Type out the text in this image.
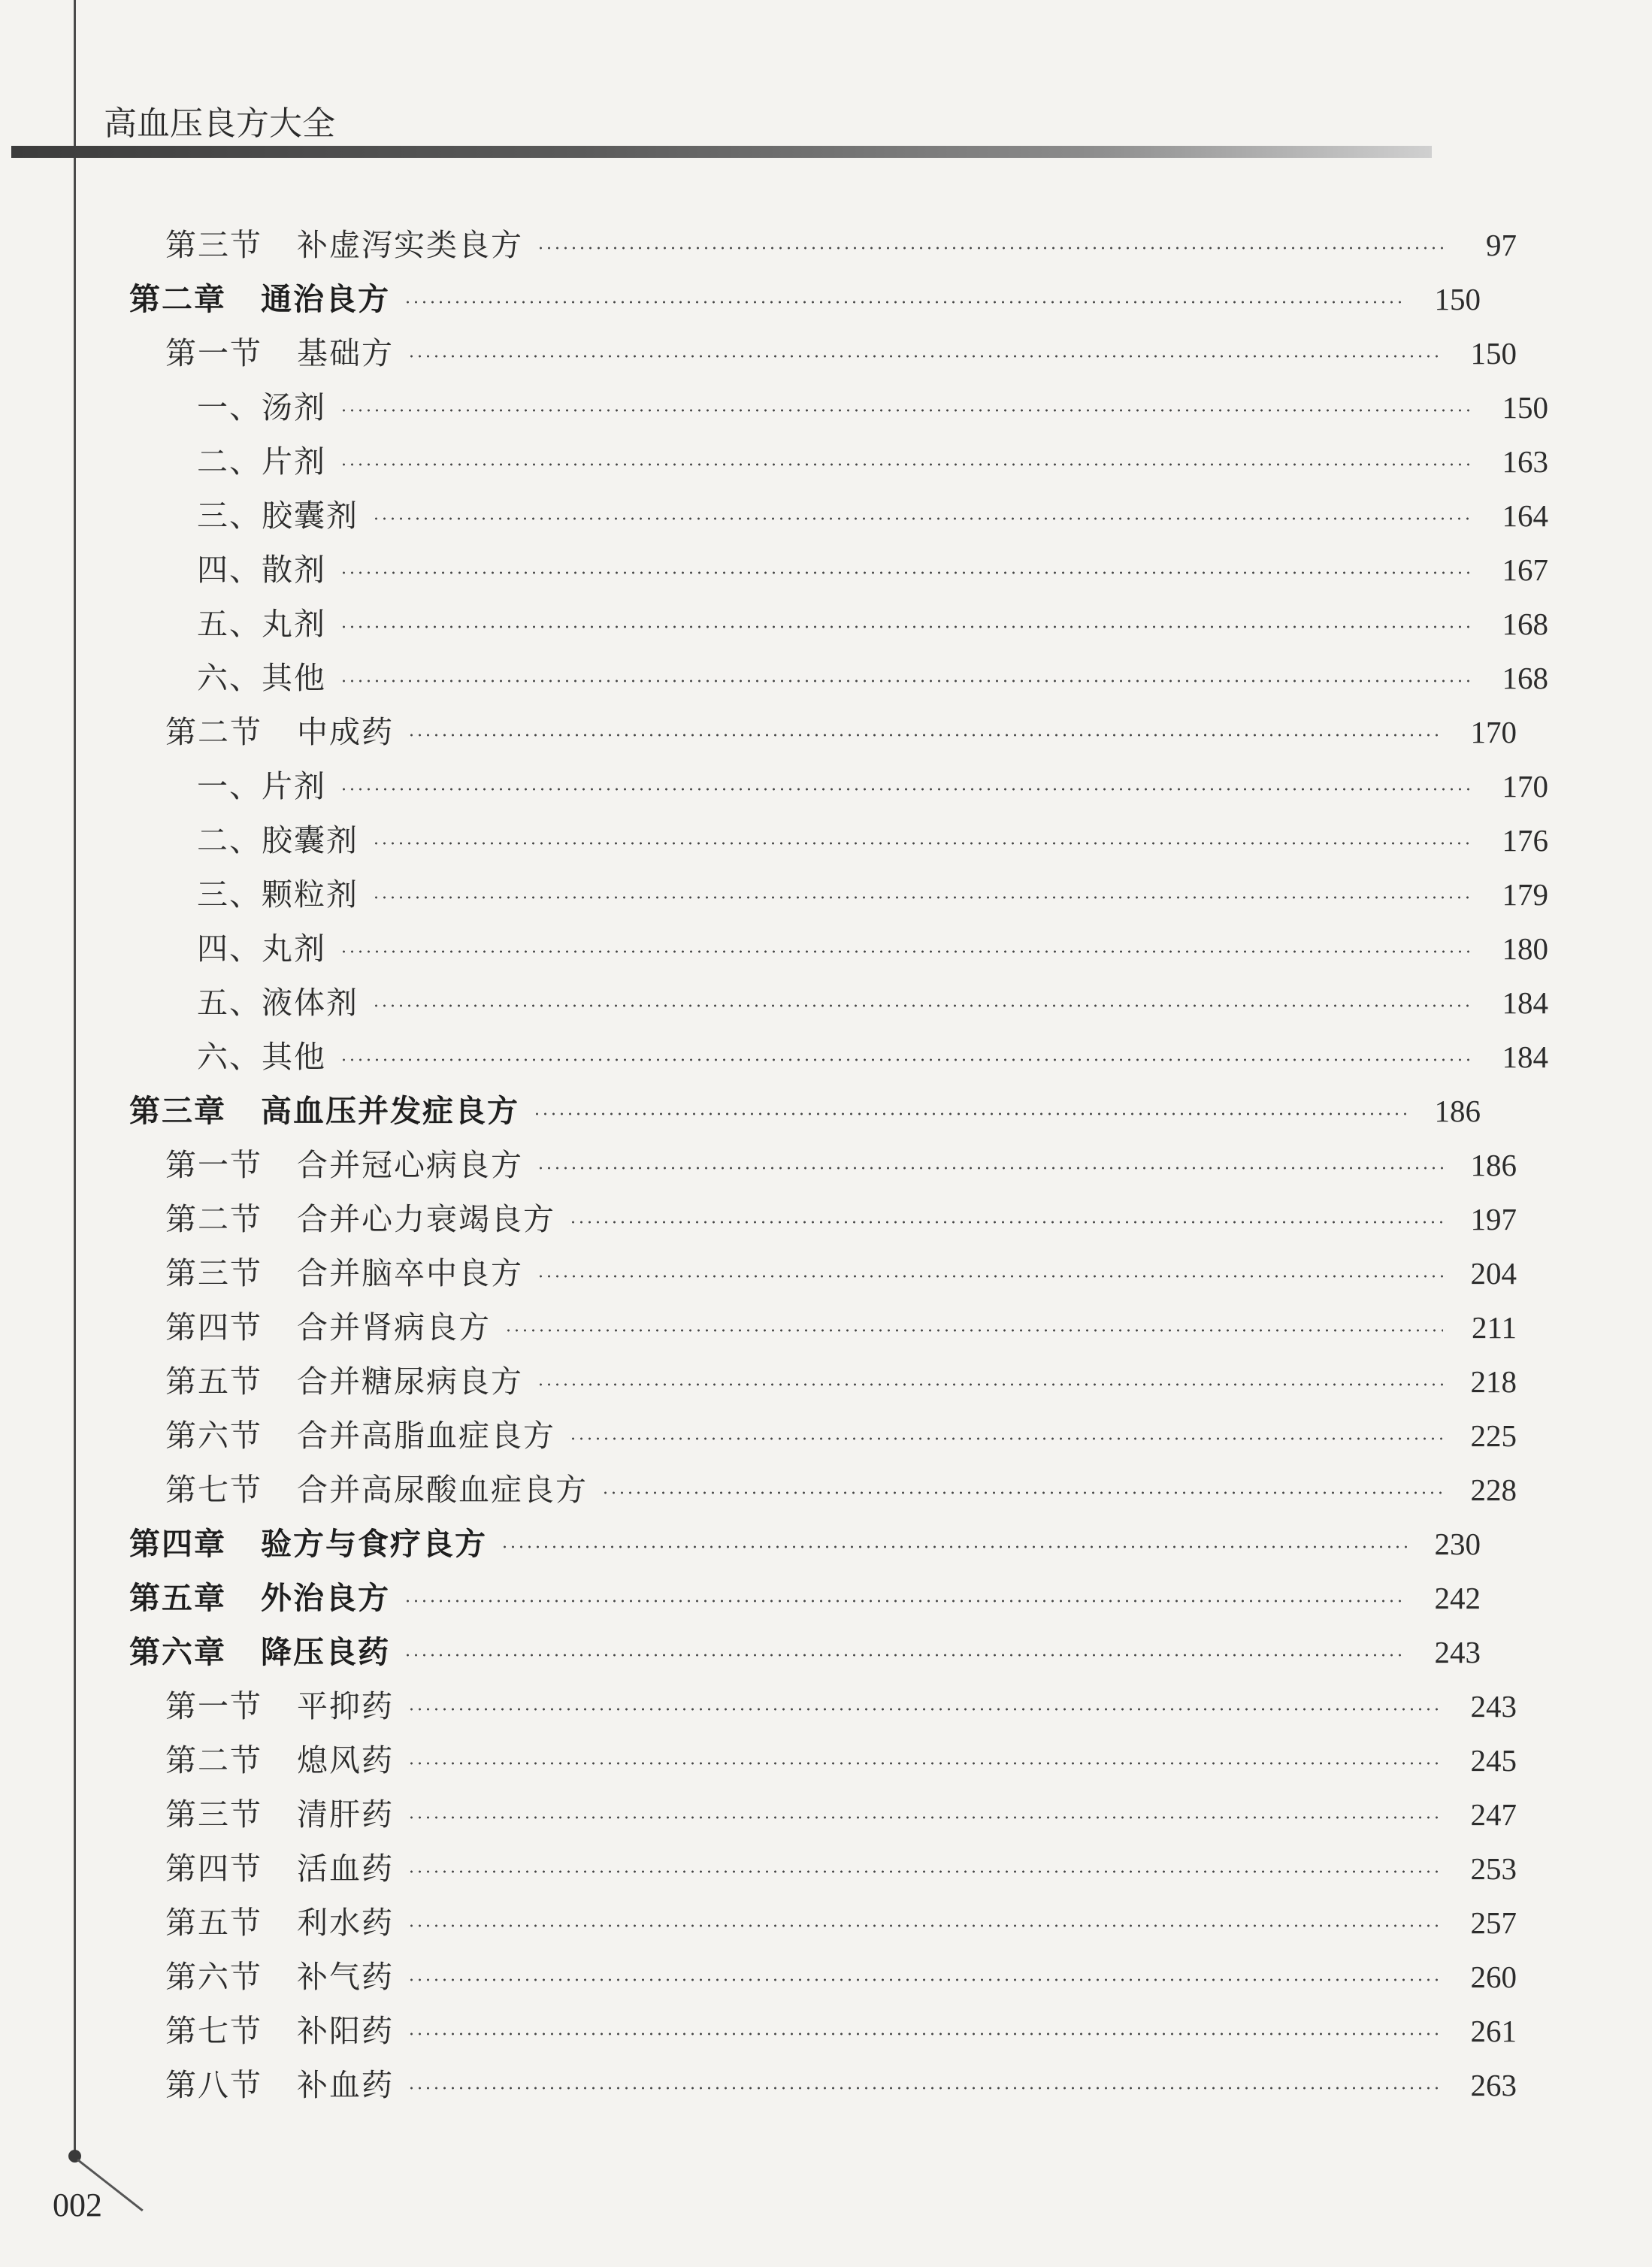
高血压良方大全
第三节 补虚泻实类良方	97
第二章 通治良方	150
第一节 基础方	150
一、汤剂	150
二、片剂	163
三、胶囊剂	164
四、散剂	167
五、丸剂	168
六、其他	168
第二节 中成药	170
一、片剂	170
二、胶囊剂	176
三、颗粒剂	179
四、丸剂	180
五、液体剂	184
六、其他	184
第三章 高血压并发症良方	186
第一节 合并冠心病良方	186
第二节 合并心力衰竭良方	197
第三节 合并脑卒中良方	204
第四节 合并肾病良方	211
第五节 合并糖尿病良方	218
第六节 合并高脂血症良方	225
第七节 合并高尿酸血症良方	228
第四章 验方与食疗良方	230
第五章 外治良方	242
第六章 降压良药	243
第一节 平抑药	243
第二节 熄风药	245
第三节 清肝药	247
第四节 活血药	253
第五节 利水药	257
第六节 补气药	260
第七节 补阳药	261
第八节 补血药	263
002
